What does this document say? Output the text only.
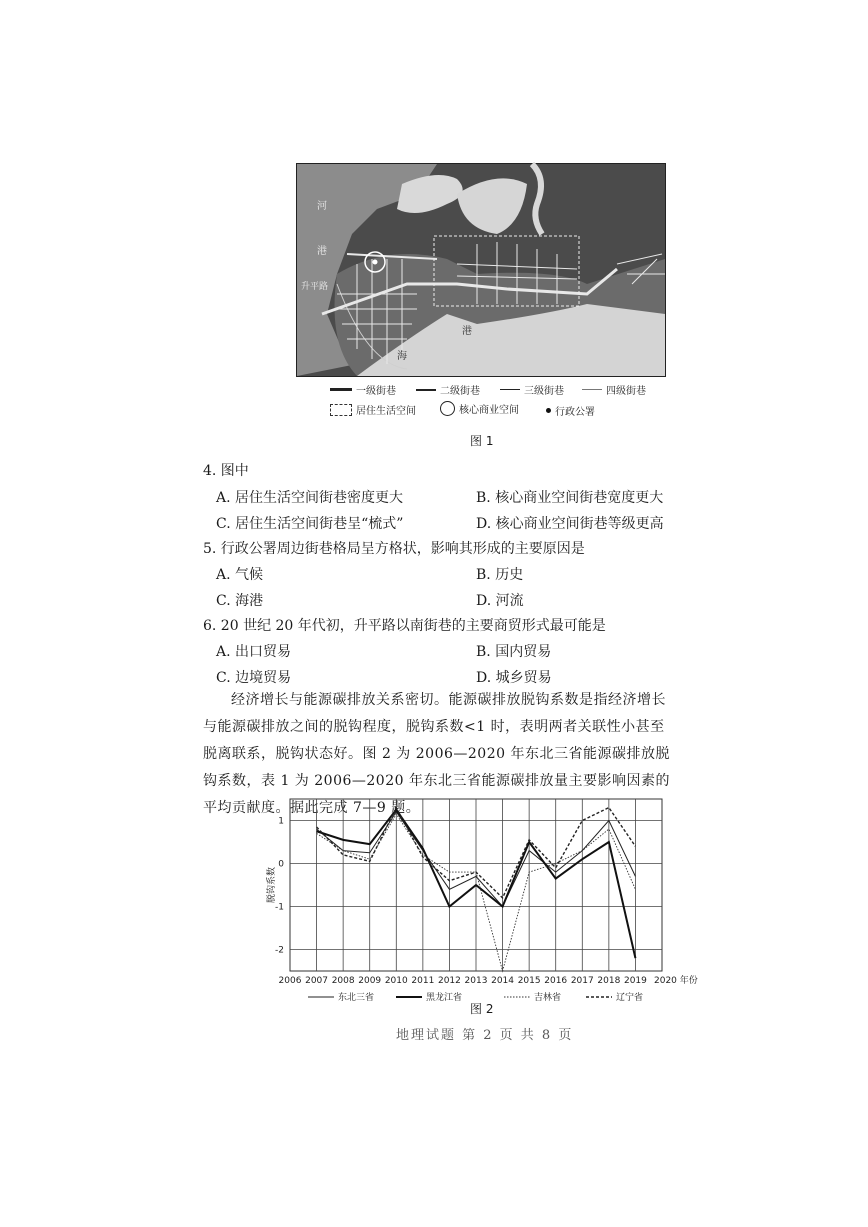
河
港
升平路
港
海
一级街巷	二级街巷	三级街巷	四级街巷
居住生活空间	核心商业空间	行政公署
图 1
4. 图中
A. 居住生活空间街巷密度更大	B. 核心商业空间街巷宽度更大
C. 居住生活空间街巷呈“梳式”	D. 核心商业空间街巷等级更高
5. 行政公署周边街巷格局呈方格状，影响其形成的主要原因是
A. 气候	B. 历史
C. 海港	D. 河流
6. 20 世纪 20 年代初，升平路以南街巷的主要商贸形式最可能是
A. 出口贸易	B. 国内贸易
C. 边境贸易	D. 城乡贸易
经济增长与能源碳排放关系密切。能源碳排放脱钩系数是指经济增长与能源碳排放之间的脱钩程度，脱钩系数<1 时，表明两者关联性小甚至脱离联系，脱钩状态好。图 2 为 2006—2020 年东北三省能源碳排放脱钩系数，表 1 为 2006—2020 年东北三省能源碳排放量主要影响因素的平均贡献度。据此完成 7—9 题。
1
0
-1
-2
2006 2007 2008 2009 2010 2011 2012 2013 2014 2015 2016 2017 2018 2019 2020 年份
脱钩系数
东北三省	黑龙江省	吉林省	辽宁省
图 2
地理试题 第 2 页 共 8 页
